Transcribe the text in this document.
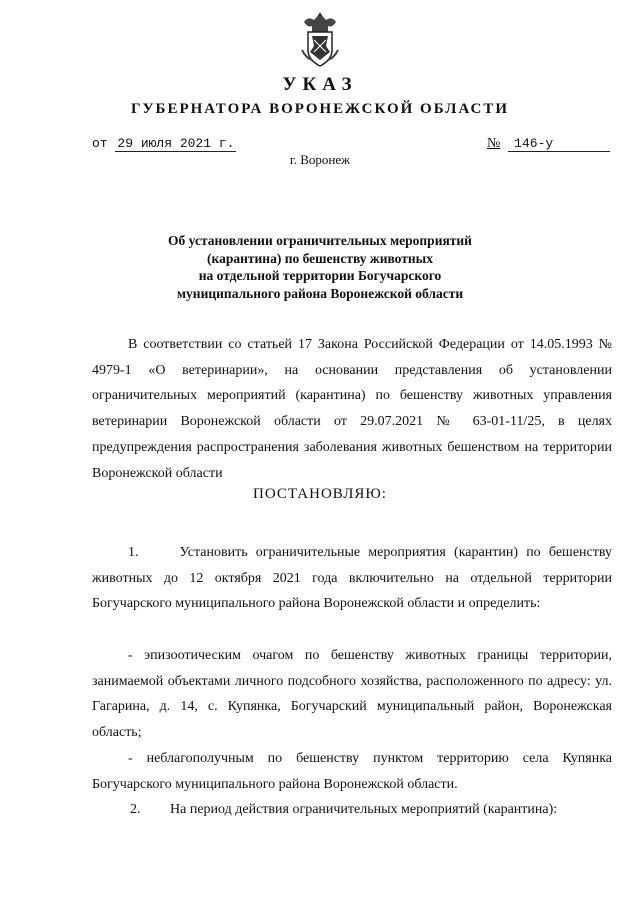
УКАЗ
ГУБЕРНАТОРА ВОРОНЕЖСКОЙ ОБЛАСТИ
от 29 июля 2021 г.	№ 146-у
г. Воронеж
Об установлении ограничительных мероприятий
(карантина) по бешенству животных
на отдельной территории Богучарского
муниципального района Воронежской области
В соответствии со статьей 17 Закона Российской Федерации от 14.05.1993 № 4979-1 «О ветеринарии», на основании представления об установлении ограничительных мероприятий (карантина) по бешенству животных управления ветеринарии Воронежской области от 29.07.2021 № 63-01-11/25, в целях предупреждения распространения заболевания животных бешенством на территории Воронежской области
ПОСТАНОВЛЯЮ:
1.     Установить ограничительные мероприятия (карантин) по бешенству животных до 12 октября 2021 года включительно на отдельной территории Богучарского муниципального района Воронежской области и определить:
- эпизоотическим очагом по бешенству животных границы территории, занимаемой объектами личного подсобного хозяйства, расположенного по адресу: ул. Гагарина, д. 14, с. Купянка, Богучарский муниципальный район, Воронежская область;
- неблагополучным по бешенству пунктом территорию села Купянка Богучарского муниципального района Воронежской области.
2. На период действия ограничительных мероприятий (карантина):
